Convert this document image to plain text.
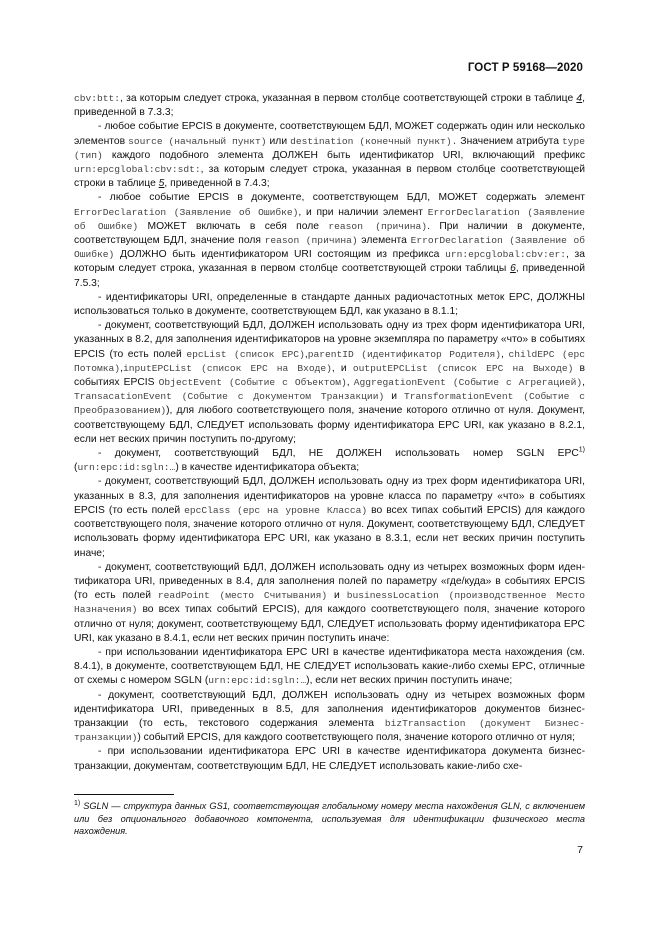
ГОСТ Р 59168—2020

cbv:btt:, за которым следует строка, указанная в первом столбце соответствующей строки в таблице 4, приведенной в 7.3.3;

- любое событие EPCIS в документе, соответствующем БДЛ, МОЖЕТ содержать один или несколько элементов source (начальный пункт) или destination (конечный пункт). Значением атрибута type (тип) каждого подобного элемента ДОЛЖЕН быть идентификатор URI, включающий префикс urn:epcglobal:cbv:sdt:, за которым следует строка, указанная в первом столбце соответствующей строки в таблице 5, приведенной в 7.4.3;

- любое событие EPCIS в документе, соответствующем БДЛ, МОЖЕТ содержать элемент ErrorDeclaration (Заявление об Ошибке), и при наличии элемент ErrorDeclaration (Заявление об Ошибке) МОЖЕТ включать в себя поле reason (причина). При наличии в документе, соответствующем БДЛ, значение поля reason (причина) элемента ErrorDeclaration (Заявление об Ошибке) ДОЛЖНО быть идентификатором URI состоящим из префикса urn:epcglobal:cbv:er:, за которым следует строка, указанная в первом столбце соответствующей строки таблицы 6, приведенной 7.5.3;

- идентификаторы URI, определенные в стандарте данных радиочастотных меток EPC, ДОЛЖНЫ использоваться только в документе, соответствующем БДЛ, как указано в 8.1.1;

- документ, соответствующий БДЛ, ДОЛЖЕН использовать одну из трех форм идентификатора URI, указанных в 8.2, для заполнения идентификаторов на уровне экземпляра по параметру «что» в событиях EPCIS (то есть полей epcList (список EPC),parentID (идентификатор Родителя), childEPC (epc Потомка),inputEPCList (список EPC на Входе), и outputEPCList (список EPC на Выходе) в событиях EPCIS ObjectEvent (Событие с Объектом), AggregationEvent (Событие с Агрегацией), TransacationEvent (Событие с Документом Транзакции) и TransformationEvent (Событие с Преобразованием)), для любого соответствующего поля, значение которого отлично от нуля. Документ, соответствующему БДЛ, СЛЕДУЕТ использовать форму идентификатора EPC URI, как указано в 8.2.1, если нет веских причин поступить по-другому;

- документ, соответствующий БДЛ, НЕ ДОЛЖЕН использовать номер SGLN EPC$^{1)}$ (urn:epc:id:sgln:…) в качестве идентификатора объекта;

- документ, соответствующий БДЛ, ДОЛЖЕН использовать одну из трех форм идентификатора URI, указанных в 8.3, для заполнения идентификаторов на уровне класса по параметру «что» в событиях EPCIS (то есть полей epcClass (epc на уровне Класса) во всех типах событий EPCIS) для каждого соответствующего поля, значение которого отлично от нуля. Документ, соответствующему БДЛ, СЛЕДУЕТ использовать форму идентификатора EPC URI, как указано в 8.3.1, если нет веских причин поступить иначе;

- документ, соответствующий БДЛ, ДОЛЖЕН использовать одну из четырех возможных форм идентификатора URI, приведенных в 8.4, для заполнения полей по параметру «где/куда» в событиях EPCIS (то есть полей readPoint (место Считывания) и businessLocation (производственное Место Назначения) во всех типах событий EPCIS), для каждого соответствующего поля, значение которого отлично от нуля; документ, соответствующему БДЛ, СЛЕДУЕТ использовать форму идентификатора EPC URI, как указано в 8.4.1, если нет веских причин поступить иначе:

- при использовании идентификатора EPC URI в качестве идентификатора места нахождения (см. 8.4.1), в документе, соответствующем БДЛ, НЕ СЛЕДУЕТ использовать какие-либо схемы EPC, отличные от схемы с номером SGLN (urn:epc:id:sgln:…), если нет веских причин поступить иначе;

- документ, соответствующий БДЛ, ДОЛЖЕН использовать одну из четырех возможных форм идентификатора URI, приведенных в 8.5, для заполнения идентификаторов документов бизнес-транзакции (то есть, текстового содержания элемента bizTransaction (документ Бизнес-транзакции)) событий EPCIS, для каждого соответствующего поля, значение которого отлично от нуля;

- при использовании идентификатора EPC URI в качестве идентификатора документа бизнес-транзакции, документам, соответствующим БДЛ, НЕ СЛЕДУЕТ использовать какие-либо схе-

$^{1)}$ SGLN — структура данных GS1, соответствующая глобальному номеру места нахождения GLN, с включением или без опционального добавочного компонента, используемая для идентификации физического места нахождения.
7
